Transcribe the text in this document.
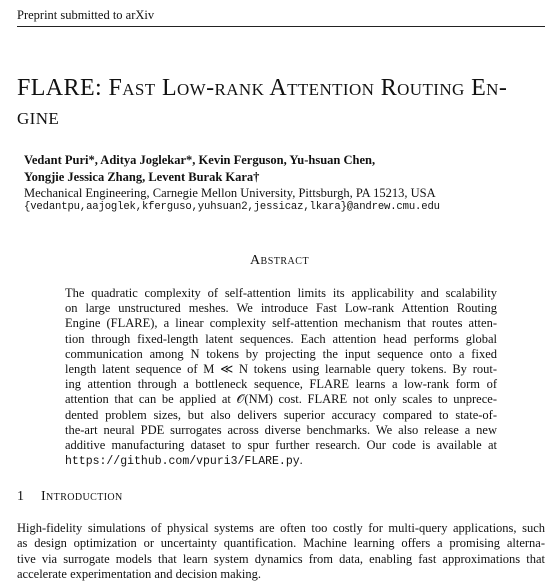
Preprint submitted to arXiv
FLARE: Fast Low-rank Attention Routing En-
gine
Vedant Puri*, Aditya Joglekar*, Kevin Ferguson, Yu-hsuan Chen,
Yongjie Jessica Zhang, Levent Burak Kara†
Mechanical Engineering, Carnegie Mellon University, Pittsburgh, PA 15213, USA
{vedantpu,aajoglek,kferguso,yuhsuan2,jessicaz,lkara}@andrew.cmu.edu
Abstract
The quadratic complexity of self-attention limits its applicability and scalability
on large unstructured meshes. We introduce Fast Low-rank Attention Routing
Engine (FLARE), a linear complexity self-attention mechanism that routes atten-
tion through fixed-length latent sequences. Each attention head performs global
communication among N tokens by projecting the input sequence onto a fixed
length latent sequence of M ≪ N tokens using learnable query tokens. By rout-
ing attention through a bottleneck sequence, FLARE learns a low-rank form of
attention that can be applied at 𝒪(NM) cost. FLARE not only scales to unprece-
dented problem sizes, but also delivers superior accuracy compared to state-of-
the-art neural PDE surrogates across diverse benchmarks. We also release a new
additive manufacturing dataset to spur further research. Our code is available at
https://github.com/vpuri3/FLARE.py.
1 Introduction
High-fidelity simulations of physical systems are often too costly for multi-query applications, such
as design optimization or uncertainty quantification. Machine learning offers a promising alterna-
tive via surrogate models that learn system dynamics from data, enabling fast approximations that
accelerate experimentation and decision making.
